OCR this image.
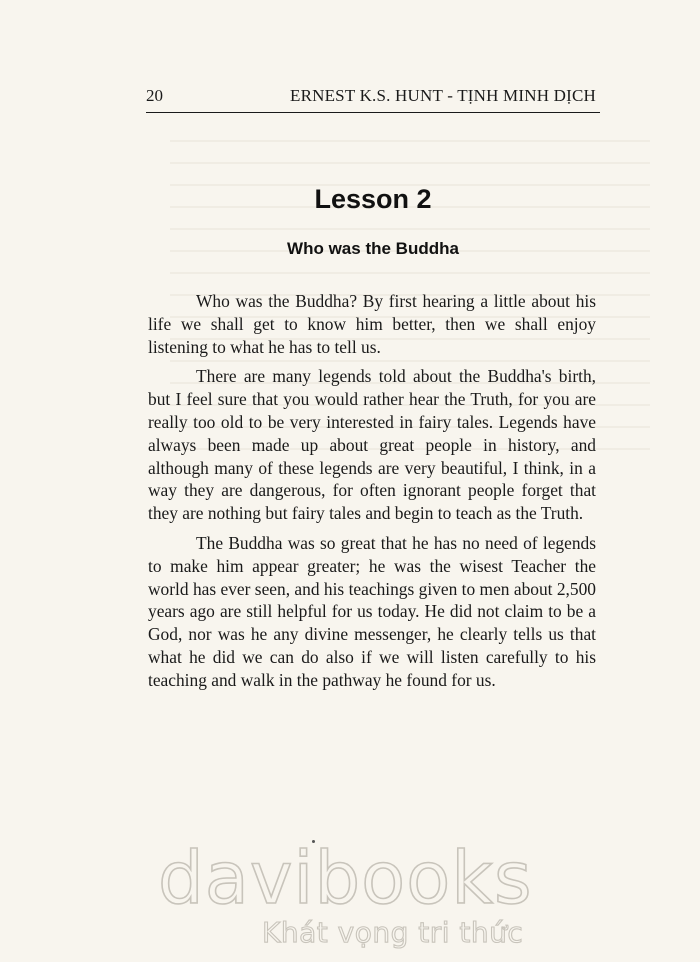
20	ERNEST K.S. HUNT - TỊNH MINH DỊCH
Lesson 2
Who was the Buddha

Who was the Buddha? By first hearing a little about his life we shall get to know him better, then we shall enjoy listening to what he has to tell us.

There are many legends told about the Buddha's birth, but I feel sure that you would rather hear the Truth, for you are really too old to be very interested in fairy tales. Legends have always been made up about great people in history, and although many of these legends are very beautiful, I think, in a way they are dangerous, for often ignorant people forget that they are nothing but fairy tales and begin to teach as the Truth.

The Buddha was so great that he has no need of legends to make him appear greater; he was the wisest Teacher the world has ever seen, and his teachings given to men about 2,500 years ago are still helpful for us today. He did not claim to be a God, nor was he any divine messenger, he clearly tells us that what he did we can do also if we will listen carefully to his teaching and walk in the pathway he found for us.

davibooks
Khát vọng tri thức
